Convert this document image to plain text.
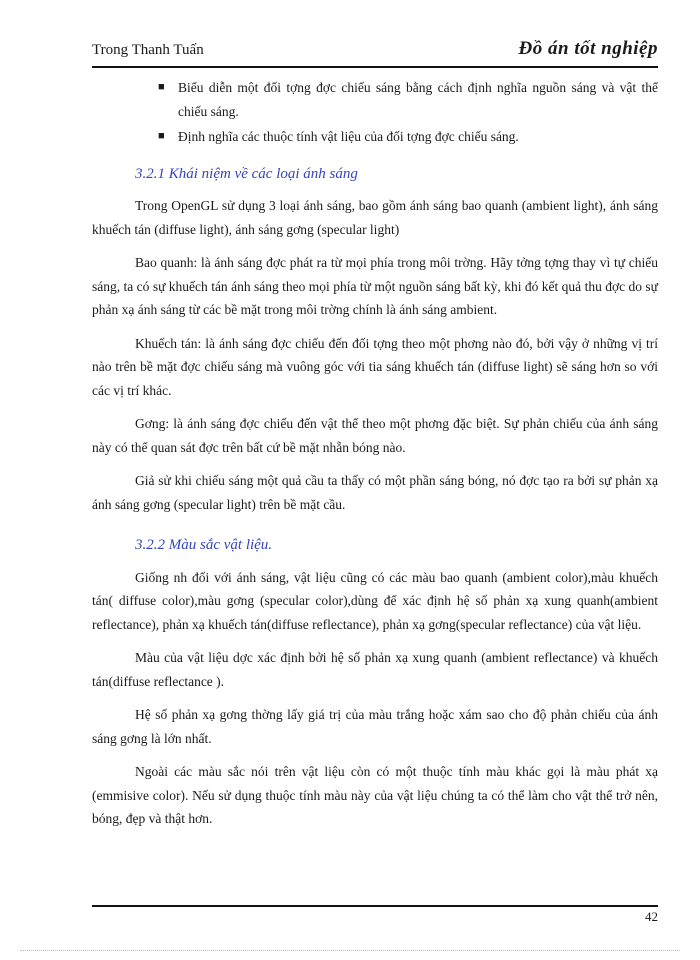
Trong Thanh Tuấn	Đồ án tốt nghiệp

■ Biểu diễn một đối tợng đợc chiếu sáng bằng cách định nghĩa nguồn sáng và vật thể chiếu sáng.

■ Định nghĩa các thuộc tính vật liệu của đối tợng đợc chiếu sáng.

3.2.1 Khái niệm về các loại ánh sáng

Trong OpenGL sử dụng 3 loại ánh sáng, bao gồm ánh sáng bao quanh (ambient light), ánh sáng khuếch tán (diffuse light), ánh sáng gơng (specular light)

Bao quanh: là ánh sáng đợc phát ra từ mọi phía trong môi trờng. Hãy tởng tợng thay vì tự chiếu sáng, ta có sự khuếch tán ánh sáng theo mọi phía từ một nguồn sáng bất kỳ, khi đó kết quả thu đợc do sự phản xạ ánh sáng từ các bề mặt trong môi trờng chính là ánh sáng ambient.

Khuếch tán: là ánh sáng đợc chiếu đến đối tợng theo một phơng nào đó, bởi vậy ở những vị trí nào trên bề mặt đợc chiếu sáng mà vuông góc với tia sáng khuếch tán (diffuse light) sẽ sáng hơn so với các vị trí khác.

Gơng: là ánh sáng đợc chiếu đến vật thể theo một phơng đặc biệt. Sự phản chiếu của ánh sáng này có thể quan sát đợc trên bất cứ bề mặt nhẵn bóng nào.

Giả sử khi chiếu sáng một quả cầu ta thấy có một phần sáng bóng, nó đợc tạo ra bởi sự phản xạ ánh sáng gơng (specular light) trên bề mặt cầu.

3.2.2 Màu sắc vật liệu.

Giống nh đối với ánh sáng, vật liệu cũng có các màu bao quanh (ambient color),màu khuếch tán( diffuse color),màu gơng (specular color),dùng để xác định hệ số phản xạ xung quanh(ambient reflectance), phản xạ khuếch tán(diffuse reflectance), phản xạ gơng(specular reflectance) của vật liệu.

Màu của vật liệu dợc xác định bởi hệ số phản xạ xung quanh (ambient reflectance) và khuếch tán(diffuse reflectance ).

Hệ số phản xạ gơng thờng lấy giá trị của màu trắng hoặc xám sao cho độ phản chiếu của ánh sáng gơng là lớn nhất.

Ngoài các màu sắc nói trên vật liệu còn có một thuộc tính màu khác gọi là màu phát xạ (emmisive color). Nếu sử dụng thuộc tính màu này của vật liệu chúng ta có thể làm cho vật thể trở nên, bóng, đẹp và thật hơn.

42
